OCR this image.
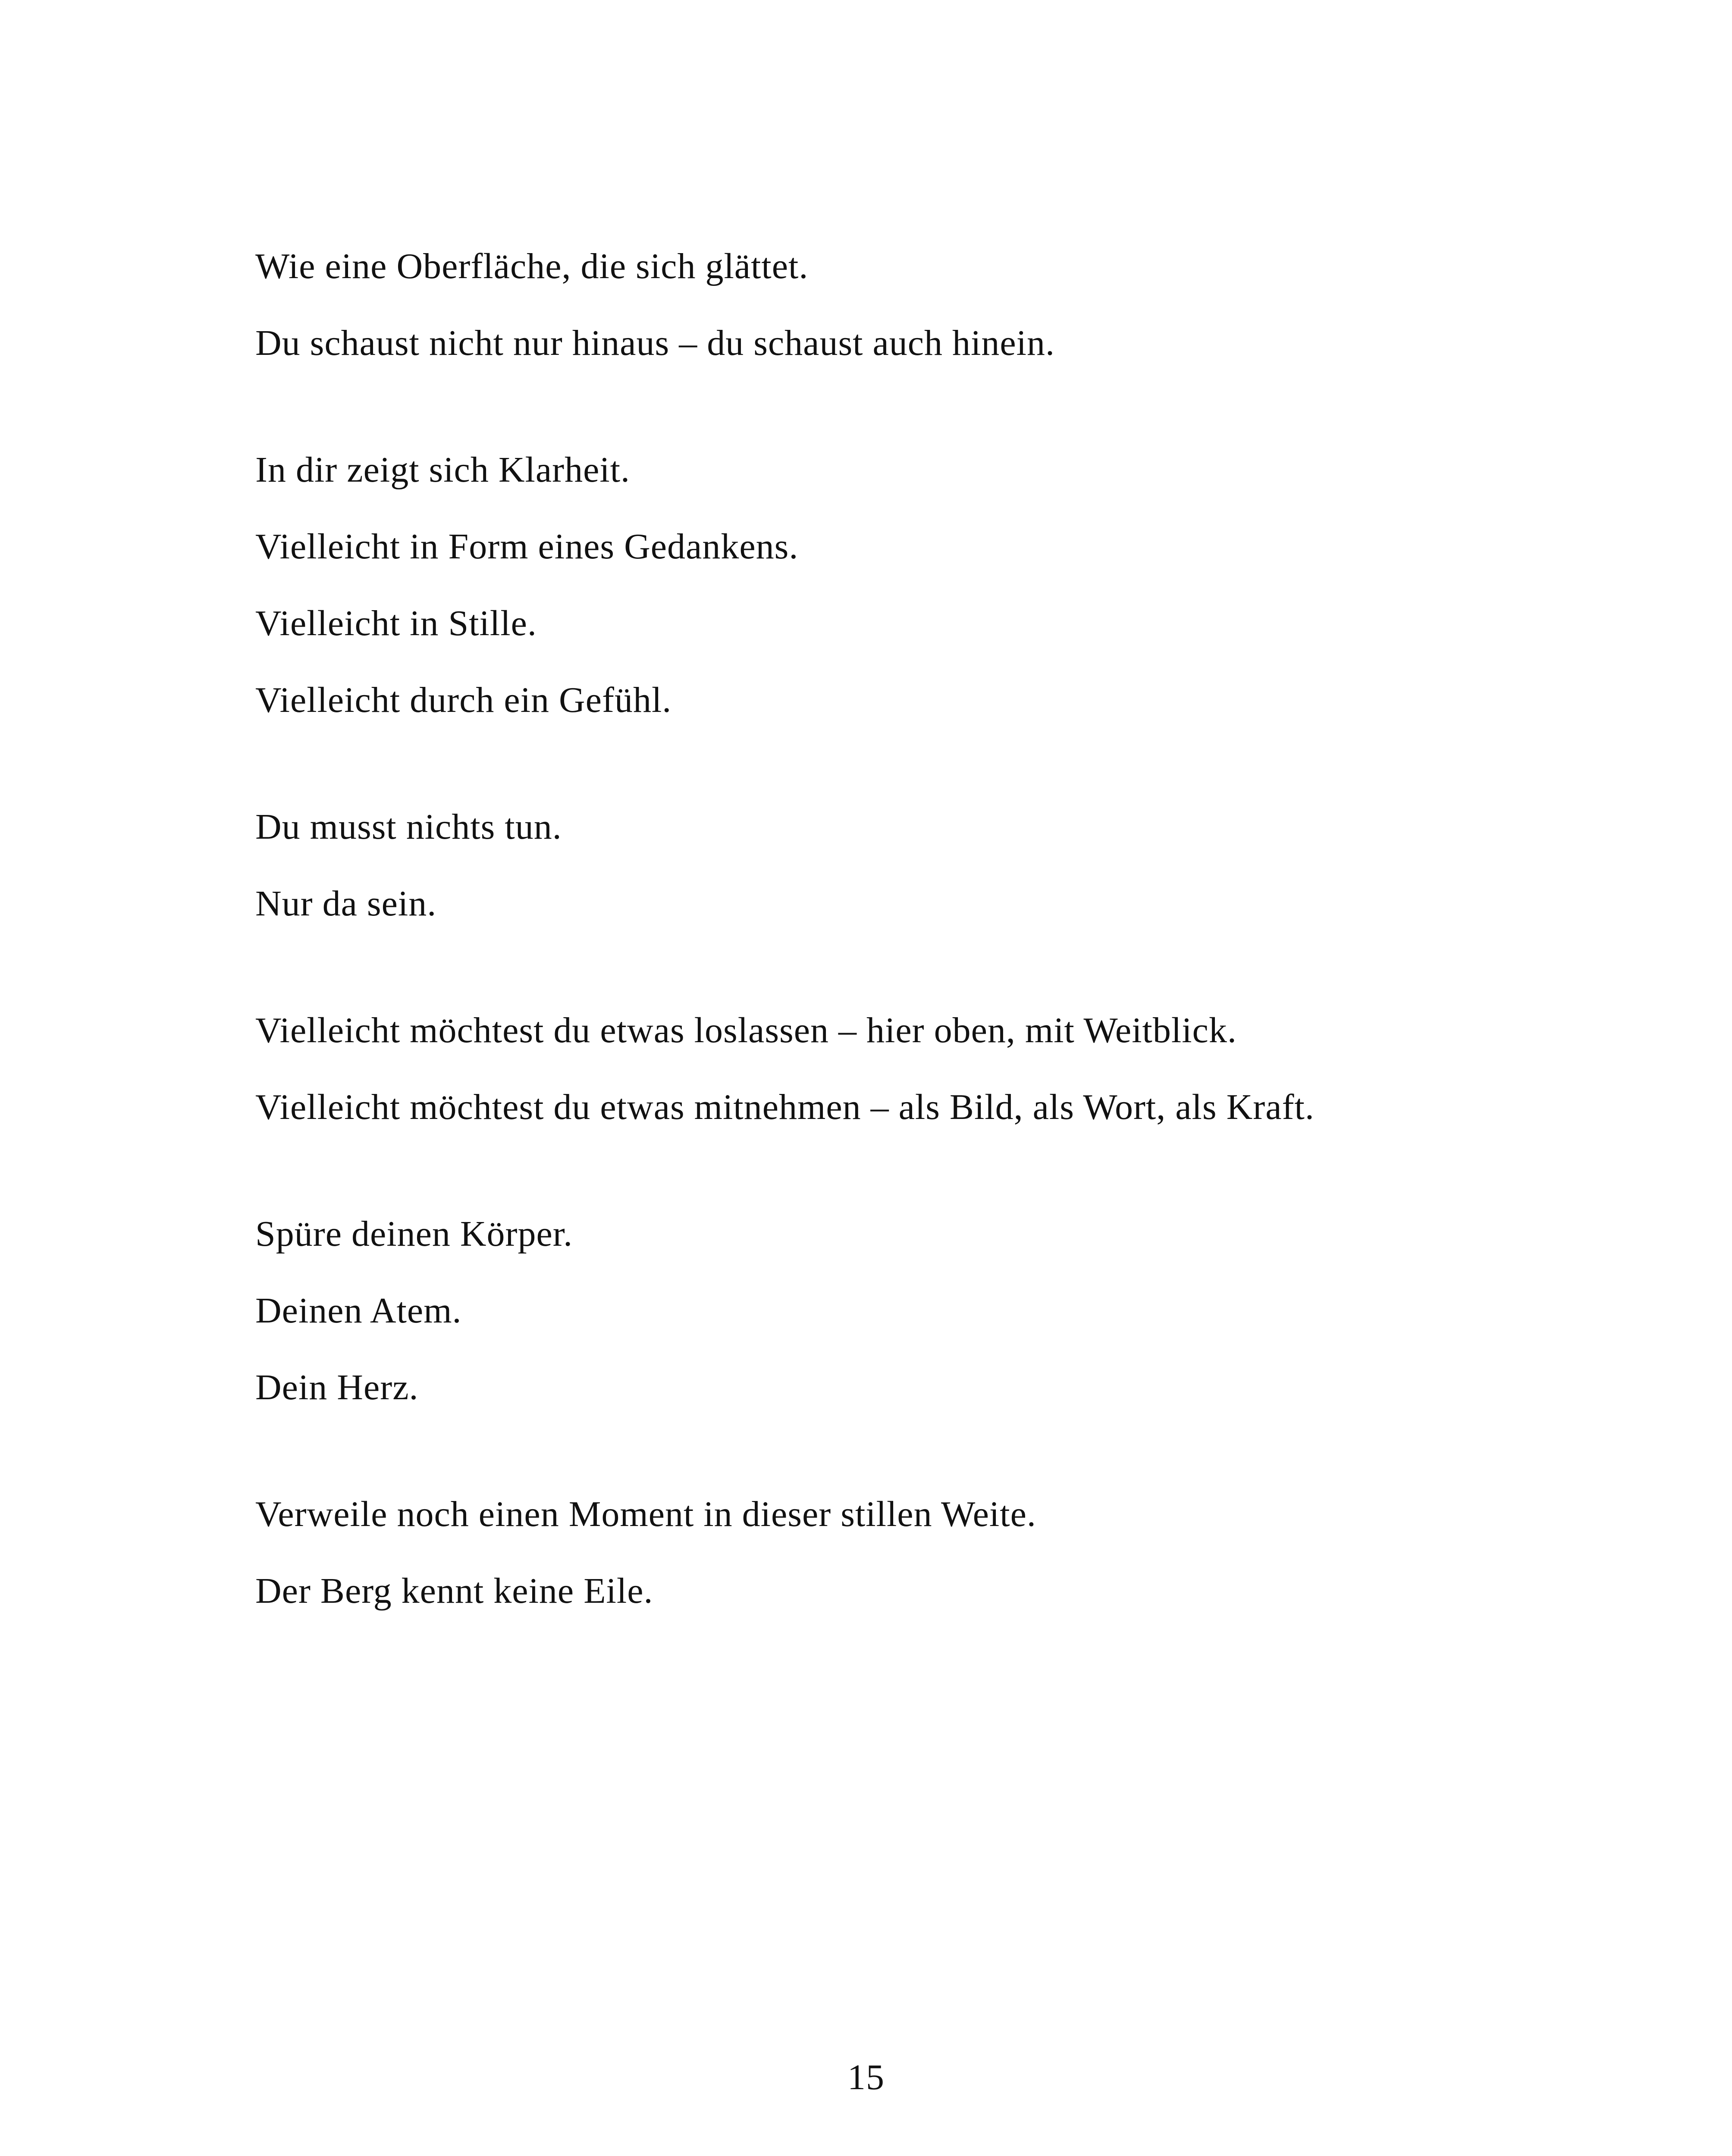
Wie eine Oberfläche, die sich glättet.

Du schaust nicht nur hinaus – du schaust auch hinein.

In dir zeigt sich Klarheit.

Vielleicht in Form eines Gedankens.

Vielleicht in Stille.

Vielleicht durch ein Gefühl.

Du musst nichts tun.

Nur da sein.

Vielleicht möchtest du etwas loslassen – hier oben, mit Weitblick.

Vielleicht möchtest du etwas mitnehmen – als Bild, als Wort, als Kraft.

Spüre deinen Körper.

Deinen Atem.

Dein Herz.

Verweile noch einen Moment in dieser stillen Weite.

Der Berg kennt keine Eile.

15
